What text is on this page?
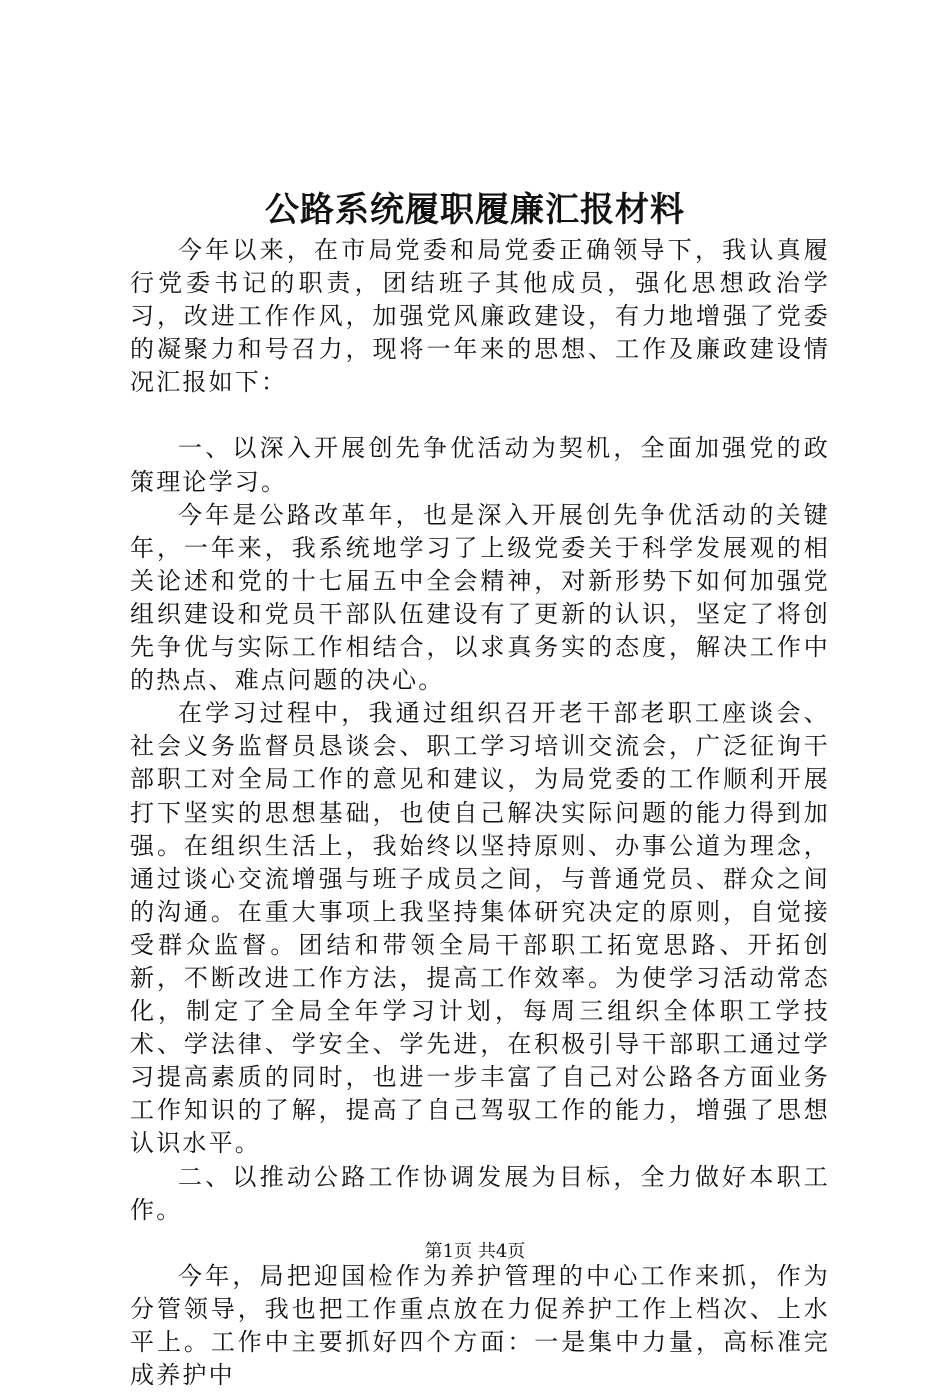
公路系统履职履廉汇报材料

今年以来，在市局党委和局党委正确领导下，我认真履行党委书记的职责，团结班子其他成员，强化思想政治学习，改进工作作风，加强党风廉政建设，有力地增强了党委的凝聚力和号召力，现将一年来的思想、工作及廉政建设情况汇报如下：

一、以深入开展创先争优活动为契机，全面加强党的政策理论学习。

今年是公路改革年，也是深入开展创先争优活动的关键年，一年来，我系统地学习了上级党委关于科学发展观的相关论述和党的十七届五中全会精神，对新形势下如何加强党组织建设和党员干部队伍建设有了更新的认识，坚定了将创先争优与实际工作相结合，以求真务实的态度，解决工作中的热点、难点问题的决心。

在学习过程中，我通过组织召开老干部老职工座谈会、社会义务监督员恳谈会、职工学习培训交流会，广泛征询干部职工对全局工作的意见和建议，为局党委的工作顺利开展打下坚实的思想基础，也使自己解决实际问题的能力得到加强。在组织生活上，我始终以坚持原则、办事公道为理念，通过谈心交流增强与班子成员之间，与普通党员、群众之间的沟通。在重大事项上我坚持集体研究决定的原则，自觉接受群众监督。团结和带领全局干部职工拓宽思路、开拓创新，不断改进工作方法，提高工作效率。为使学习活动常态化，制定了全局全年学习计划，每周三组织全体职工学技术、学法律、学安全、学先进，在积极引导干部职工通过学习提高素质的同时，也进一步丰富了自己对公路各方面业务工作知识的了解，提高了自己驾驭工作的能力，增强了思想认识水平。

二、以推动公路工作协调发展为目标，全力做好本职工作。

今年，局把迎国检作为养护管理的中心工作来抓，作为分管领导，我也把工作重点放在力促养护工作上档次、上水平上。工作中主要抓好四个方面：一是集中力量，高标准完成养护中

第1页 共4页
